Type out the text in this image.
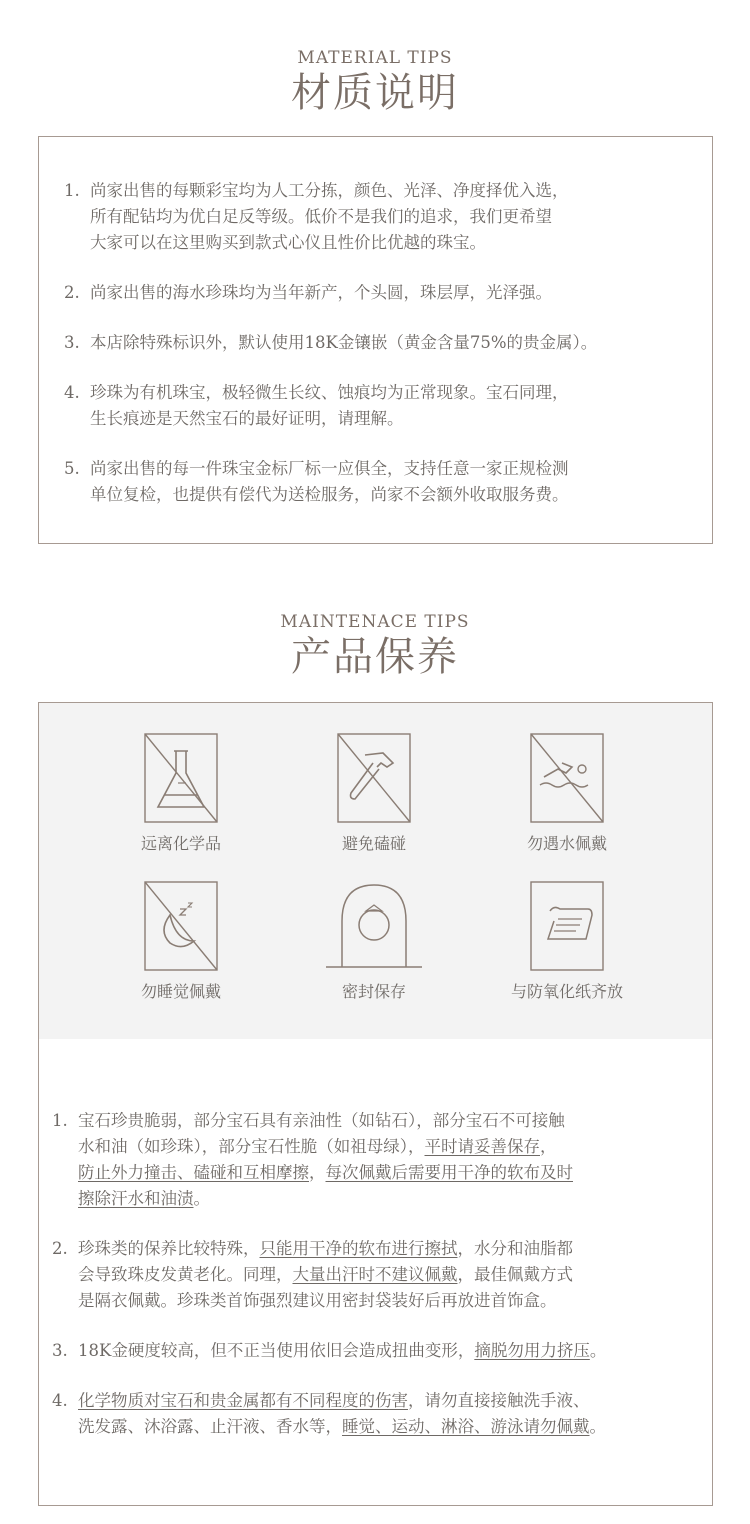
MATERIAL TIPS
材质说明
1. 尚家出售的每颗彩宝均为人工分拣，颜色、光泽、净度择优入选，

所有配钻均为优白足反等级。低价不是我们的追求，我们更希望

大家可以在这里购买到款式心仪且性价比优越的珠宝。

2. 尚家出售的海水珍珠均为当年新产，个头圆，珠层厚，光泽强。

3. 本店除特殊标识外，默认使用18K金镶嵌（黄金含量75%的贵金属）。

4. 珍珠为有机珠宝，极轻微生长纹、蚀痕均为正常现象。宝石同理，

生长痕迹是天然宝石的最好证明，请理解。

5. 尚家出售的每一件珠宝金标厂标一应俱全，支持任意一家正规检测

单位复检，也提供有偿代为送检服务，尚家不会额外收取服务费。

MAINTENACE TIPS
产品保养
远离化学品	避免磕碰	勿遇水佩戴
勿睡觉佩戴	密封保存	与防氧化纸齐放
1. 宝石珍贵脆弱，部分宝石具有亲油性（如钻石），部分宝石不可接触

水和油（如珍珠），部分宝石性脆（如祖母绿），平时请妥善保存，

防止外力撞击、磕碰和互相摩擦，每次佩戴后需要用干净的软布及时

擦除汗水和油渍。

2. 珍珠类的保养比较特殊，只能用干净的软布进行擦拭，水分和油脂都

会导致珠皮发黄老化。同理，大量出汗时不建议佩戴，最佳佩戴方式

是隔衣佩戴。珍珠类首饰强烈建议用密封袋装好后再放进首饰盒。

3. 18K金硬度较高，但不正当使用依旧会造成扭曲变形，摘脱勿用力挤压。

4. 化学物质对宝石和贵金属都有不同程度的伤害，请勿直接接触洗手液、

洗发露、沐浴露、止汗液、香水等，睡觉、运动、淋浴、游泳请勿佩戴。
